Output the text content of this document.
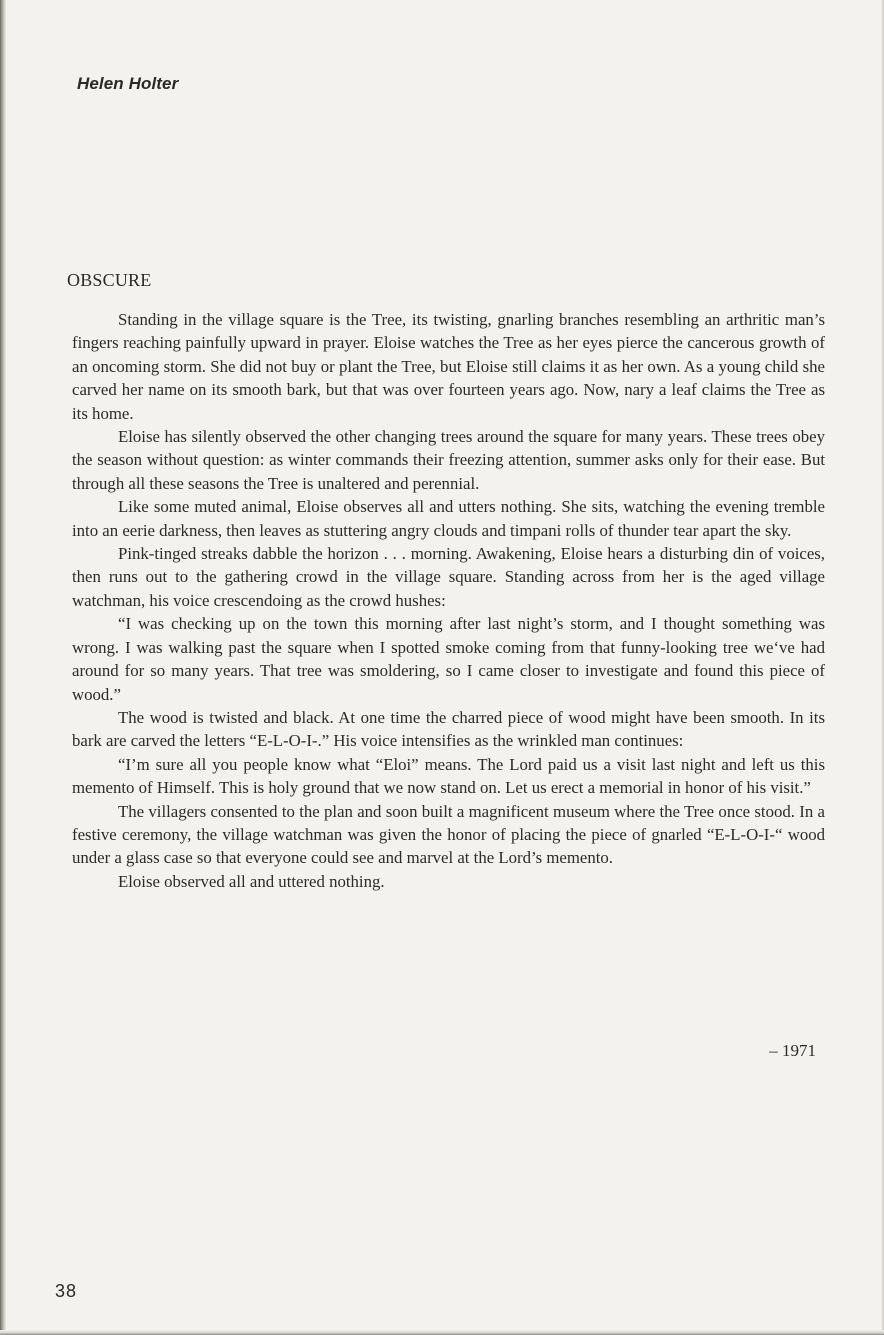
Helen Holter
OBSCURE

Standing in the village square is the Tree, its twisting, gnarling branches resembling an arthritic man’s fingers reaching painfully upward in prayer. Eloise watches the Tree as her eyes pierce the cancerous growth of an oncoming storm. She did not buy or plant the Tree, but Eloise still claims it as her own. As a young child she carved her name on its smooth bark, but that was over fourteen years ago. Now, nary a leaf claims the Tree as its home.

Eloise has silently observed the other changing trees around the square for many years. These trees obey the season without question: as winter commands their freezing attention, summer asks only for their ease. But through all these seasons the Tree is unaltered and perennial.

Like some muted animal, Eloise observes all and utters nothing. She sits, watching the evening tremble into an eerie darkness, then leaves as stuttering angry clouds and timpani rolls of thunder tear apart the sky.

Pink-tinged streaks dabble the horizon . . . morning. Awakening, Eloise hears a disturbing din of voices, then runs out to the gathering crowd in the village square. Standing across from her is the aged village watchman, his voice crescendoing as the crowd hushes:

“I was checking up on the town this morning after last night’s storm, and I thought something was wrong. I was walking past the square when I spotted smoke coming from that funny-looking tree we‘ve had around for so many years. That tree was smoldering, so I came closer to investigate and found this piece of wood.”

The wood is twisted and black. At one time the charred piece of wood might have been smooth. In its bark are carved the letters “E-L-O-I-.” His voice intensifies as the wrinkled man continues:

“I’m sure all you people know what “Eloi” means. The Lord paid us a visit last night and left us this memento of Himself. This is holy ground that we now stand on. Let us erect a memorial in honor of his visit.”

The villagers consented to the plan and soon built a magnificent museum where the Tree once stood. In a festive ceremony, the village watchman was given the honor of placing the piece of gnarled “E-L-O-I-“ wood under a glass case so that everyone could see and marvel at the Lord’s memento.

Eloise observed all and uttered nothing.

– 1971
38
